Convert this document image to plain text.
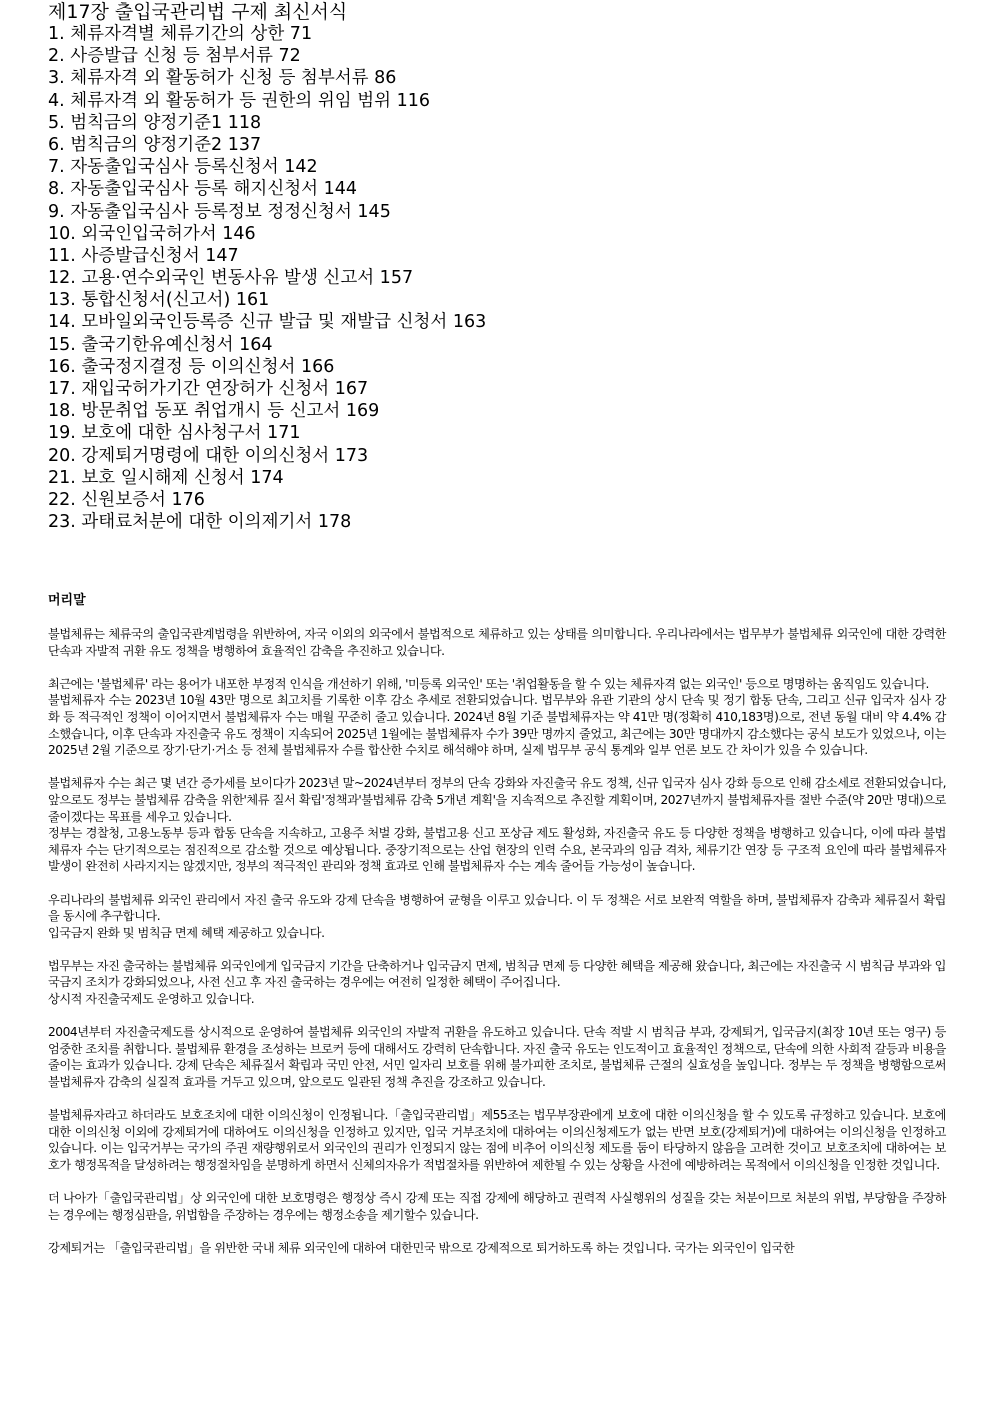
제17장 출입국관리법 구제 최신서식
1. 체류자격별 체류기간의 상한 71
2. 사증발급 신청 등 첨부서류 72
3. 체류자격 외 활동허가 신청 등 첨부서류 86
4. 체류자격 외 활동허가 등 권한의 위임 범위 116
5. 범칙금의 양정기준1 118
6. 범칙금의 양정기준2 137
7. 자동출입국심사 등록신청서 142
8. 자동출입국심사 등록 해지신청서 144
9. 자동출입국심사 등록정보 정정신청서 145
10. 외국인입국허가서 146
11. 사증발급신청서 147
12. 고용·연수외국인 변동사유 발생 신고서 157
13. 통합신청서(신고서) 161
14. 모바일외국인등록증 신규 발급 및 재발급 신청서 163
15. 출국기한유예신청서 164
16. 출국정지결정 등 이의신청서 166
17. 재입국허가기간 연장허가 신청서 167
18. 방문취업 동포 취업개시 등 신고서 169
19. 보호에 대한 심사청구서 171
20. 강제퇴거명령에 대한 이의신청서 173
21. 보호 일시해제 신청서 174
22. 신원보증서 176
23. 과태료처분에 대한 이의제기서 178
머리말

불법체류는 체류국의 출입국관계법령을 위반하여, 자국 이외의 외국에서 불법적으로 체류하고 있는 상태를 의미합니다. 우리나라에서는 법무부가 불법체류 외국인에 대한 강력한 단속과 자발적 귀환 유도 정책을 병행하여 효율적인 감축을 추진하고 있습니다.

최근에는 '불법체류' 라는 용어가 내포한 부정적 인식을 개선하기 위해, '미등록 외국인' 또는 '취업활동을 할 수 있는 체류자격 없는 외국인' 등으로 명명하는 움직임도 있습니다.
불법체류자 수는 2023년 10월 43만 명으로 최고치를 기록한 이후 감소 추세로 전환되었습니다. 법무부와 유관 기관의 상시 단속 및 정기 합동 단속, 그리고 신규 입국자 심사 강화 등 적극적인 정책이 이어지면서 불법체류자 수는 매월 꾸준히 줄고 있습니다. 2024년 8월 기준 불법체류자는 약 41만 명(정확히 410,183명)으로, 전년 동월 대비 약 4.4% 감소했습니다, 이후 단속과 자진출국 유도 정책이 지속되어 2025년 1월에는 불법체류자 수가 39만 명까지 줄었고, 최근에는 30만 명대까지 감소했다는 공식 보도가 있었으나, 이는 2025년 2월 기준으로 장기·단기·거소 등 전체 불법체류자 수를 합산한 수치로 해석해야 하며, 실제 법무부 공식 통계와 일부 언론 보도 간 차이가 있을 수 있습니다.

불법체류자 수는 최근 몇 년간 증가세를 보이다가 2023년 말~2024년부터 정부의 단속 강화와 자진출국 유도 정책, 신규 입국자 심사 강화 등으로 인해 감소세로 전환되었습니다, 앞으로도 정부는 불법체류 감축을 위한'체류 질서 확립'정책과'불법체류 감축 5개년 계획'을 지속적으로 추진할 계획이며, 2027년까지 불법체류자를 절반 수준(약 20만 명대)으로 줄이겠다는 목표를 세우고 있습니다.
정부는 경찰청, 고용노동부 등과 합동 단속을 지속하고, 고용주 처벌 강화, 불법고용 신고 포상금 제도 활성화, 자진출국 유도 등 다양한 정책을 병행하고 있습니다, 이에 따라 불법체류자 수는 단기적으로는 점진적으로 감소할 것으로 예상됩니다. 중장기적으로는 산업 현장의 인력 수요, 본국과의 임금 격차, 체류기간 연장 등 구조적 요인에 따라 불법체류자 발생이 완전히 사라지지는 않겠지만, 정부의 적극적인 관리와 정책 효과로 인해 불법체류자 수는 계속 줄어들 가능성이 높습니다.

우리나라의 불법체류 외국인 관리에서 자진 출국 유도와 강제 단속을 병행하여 균형을 이루고 있습니다. 이 두 정책은 서로 보완적 역할을 하며, 불법체류자 감축과 체류질서 확립을 동시에 추구합니다.
입국금지 완화 및 범칙금 면제 혜택 제공하고 있습니다.

법무부는 자진 출국하는 불법체류 외국인에게 입국금지 기간을 단축하거나 입국금지 면제, 범칙금 면제 등 다양한 혜택을 제공해 왔습니다, 최근에는 자진출국 시 범칙금 부과와 입국금지 조치가 강화되었으나, 사전 신고 후 자진 출국하는 경우에는 여전히 일정한 혜택이 주어집니다.
상시적 자진출국제도 운영하고 있습니다.

2004년부터 자진출국제도를 상시적으로 운영하여 불법체류 외국인의 자발적 귀환을 유도하고 있습니다. 단속 적발 시 범칙금 부과, 강제퇴거, 입국금지(최장 10년 또는 영구) 등 엄중한 조치를 취합니다. 불법체류 환경을 조성하는 브로커 등에 대해서도 강력히 단속합니다. 자진 출국 유도는 인도적이고 효율적인 정책으로, 단속에 의한 사회적 갈등과 비용을 줄이는 효과가 있습니다. 강제 단속은 체류질서 확립과 국민 안전, 서민 일자리 보호를 위해 불가피한 조치로, 불법체류 근절의 실효성을 높입니다. 정부는 두 정책을 병행함으로써 불법체류자 감축의 실질적 효과를 거두고 있으며, 앞으로도 일관된 정책 추진을 강조하고 있습니다.

불법체류자라고 하더라도 보호조치에 대한 이의신청이 인정됩니다.「출입국관리법」제55조는 법무부장관에게 보호에 대한 이의신청을 할 수 있도록 규정하고 있습니다. 보호에 대한 이의신청 이외에 강제퇴거에 대하여도 이의신청을 인정하고 있지만, 입국 거부조치에 대하여는 이의신청제도가 없는 반면 보호(강제퇴거)에 대하여는 이의신청을 인정하고 있습니다. 이는 입국거부는 국가의 주권 재량행위로서 외국인의 권리가 인정되지 않는 점에 비추어 이의신청 제도를 둠이 타당하지 않음을 고려한 것이고 보호조치에 대하여는 보호가 행정목적을 달성하려는 행정절차임을 분명하게 하면서 신체의자유가 적법절차를 위반하여 제한될 수 있는 상황을 사전에 예방하려는 목적에서 이의신청을 인정한 것입니다.

더 나아가「출입국관리법」상 외국인에 대한 보호명령은 행정상 즉시 강제 또는 직접 강제에 해당하고 권력적 사실행위의 성질을 갖는 처분이므로 처분의 위법, 부당함을 주장하는 경우에는 행정심판을, 위법함을 주장하는 경우에는 행정소송을 제기할수 있습니다.

강제퇴거는 「출입국관리법」을 위반한 국내 체류 외국인에 대하여 대한민국 밖으로 강제적으로 퇴거하도록 하는 것입니다. 국가는 외국인이 입국한
